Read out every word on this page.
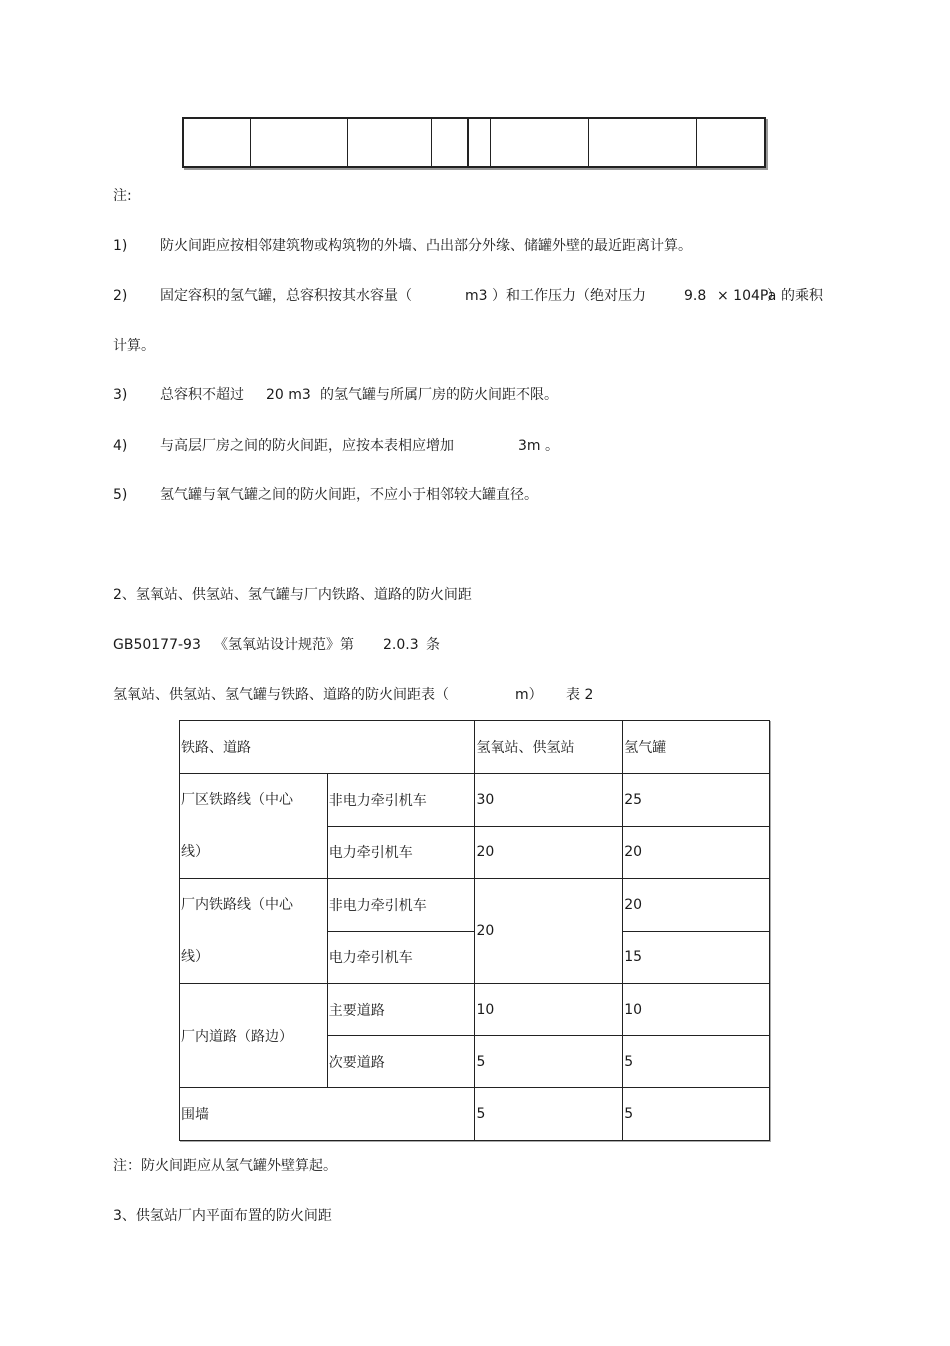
注:
1) 防火间距应按相邻建筑物或构筑物的外墙、凸出部分外缘、储罐外壁的最近距离计算。
2) 固定容积的氢气罐，总容积按其水容量（	m3 ）和工作压力（绝对压力	9.8 × 104Pa
）的乘积
计算。
3) 总容积不超过 20 m3 的氢气罐与所属厂房的防火间距不限。
4) 与高层厂房之间的防火间距，应按本表相应增加	3m 。
5) 氢气罐与氧气罐之间的防火间距，不应小于相邻较大罐直径。
2、氢氧站、供氢站、氢气罐与厂内铁路、道路的防火间距
GB50177-93 《氢氧站设计规范》第 2.0.3 条
氢氧站、供氢站、氢气罐与铁路、道路的防火间距表（	m） 表 2
铁路、道路		氢氧站、供氢站	氢气罐

厂区铁路线（中心
线）	非电力牵引机车	30	25
	电力牵引机车	20	20

厂内铁路线（中心
线）	非电力牵引机车	20	20
	电力牵引机车		15
厂内道路（路边）	主要道路	10	10
	次要道路	5	5
围墙		5	5
注：防火间距应从氢气罐外壁算起。
3、供氢站厂内平面布置的防火间距
